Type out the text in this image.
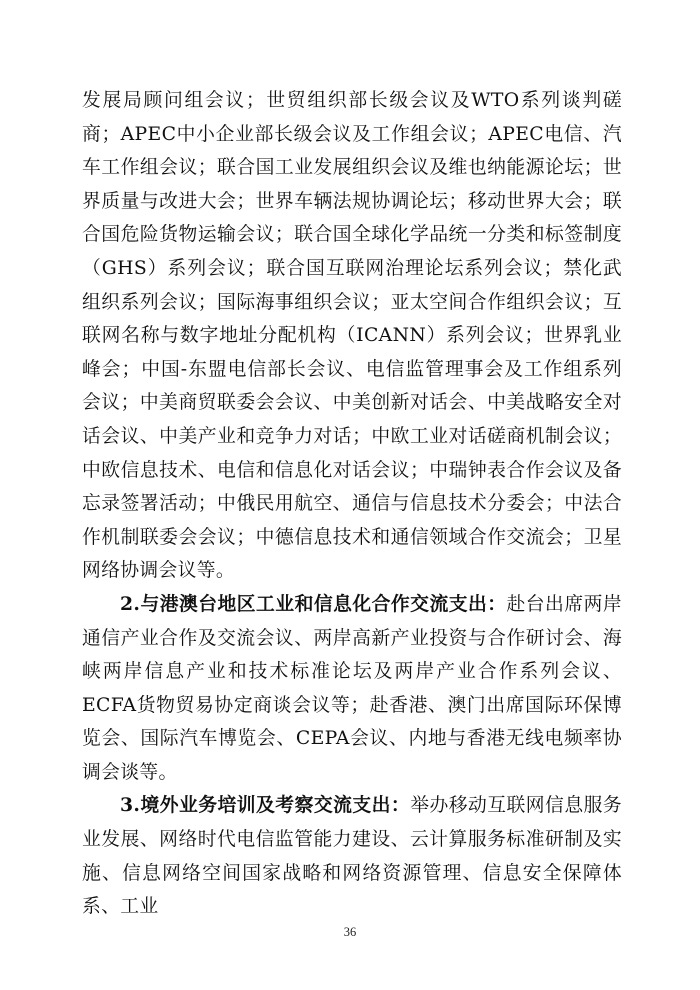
发展局顾问组会议；世贸组织部长级会议及WTO系列谈判磋商；APEC中小企业部长级会议及工作组会议；APEC电信、汽车工作组会议；联合国工业发展组织会议及维也纳能源论坛；世界质量与改进大会；世界车辆法规协调论坛；移动世界大会；联合国危险货物运输会议；联合国全球化学品统一分类和标签制度（GHS）系列会议；联合国互联网治理论坛系列会议；禁化武组织系列会议；国际海事组织会议；亚太空间合作组织会议；互联网名称与数字地址分配机构（ICANN）系列会议；世界乳业峰会；中国-东盟电信部长会议、电信监管理事会及工作组系列会议；中美商贸联委会会议、中美创新对话会、中美战略安全对话会议、中美产业和竞争力对话；中欧工业对话磋商机制会议；中欧信息技术、电信和信息化对话会议；中瑞钟表合作会议及备忘录签署活动；中俄民用航空、通信与信息技术分委会；中法合作机制联委会会议；中德信息技术和通信领域合作交流会；卫星网络协调会议等。

2.与港澳台地区工业和信息化合作交流支出：赴台出席两岸通信产业合作及交流会议、两岸高新产业投资与合作研讨会、海峡两岸信息产业和技术标准论坛及两岸产业合作系列会议、ECFA货物贸易协定商谈会议等；赴香港、澳门出席国际环保博览会、国际汽车博览会、CEPA会议、内地与香港无线电频率协调会谈等。

3.境外业务培训及考察交流支出：举办移动互联网信息服务业发展、网络时代电信监管能力建设、云计算服务标准研制及实施、信息网络空间国家战略和网络资源管理、信息安全保障体系、工业

36
